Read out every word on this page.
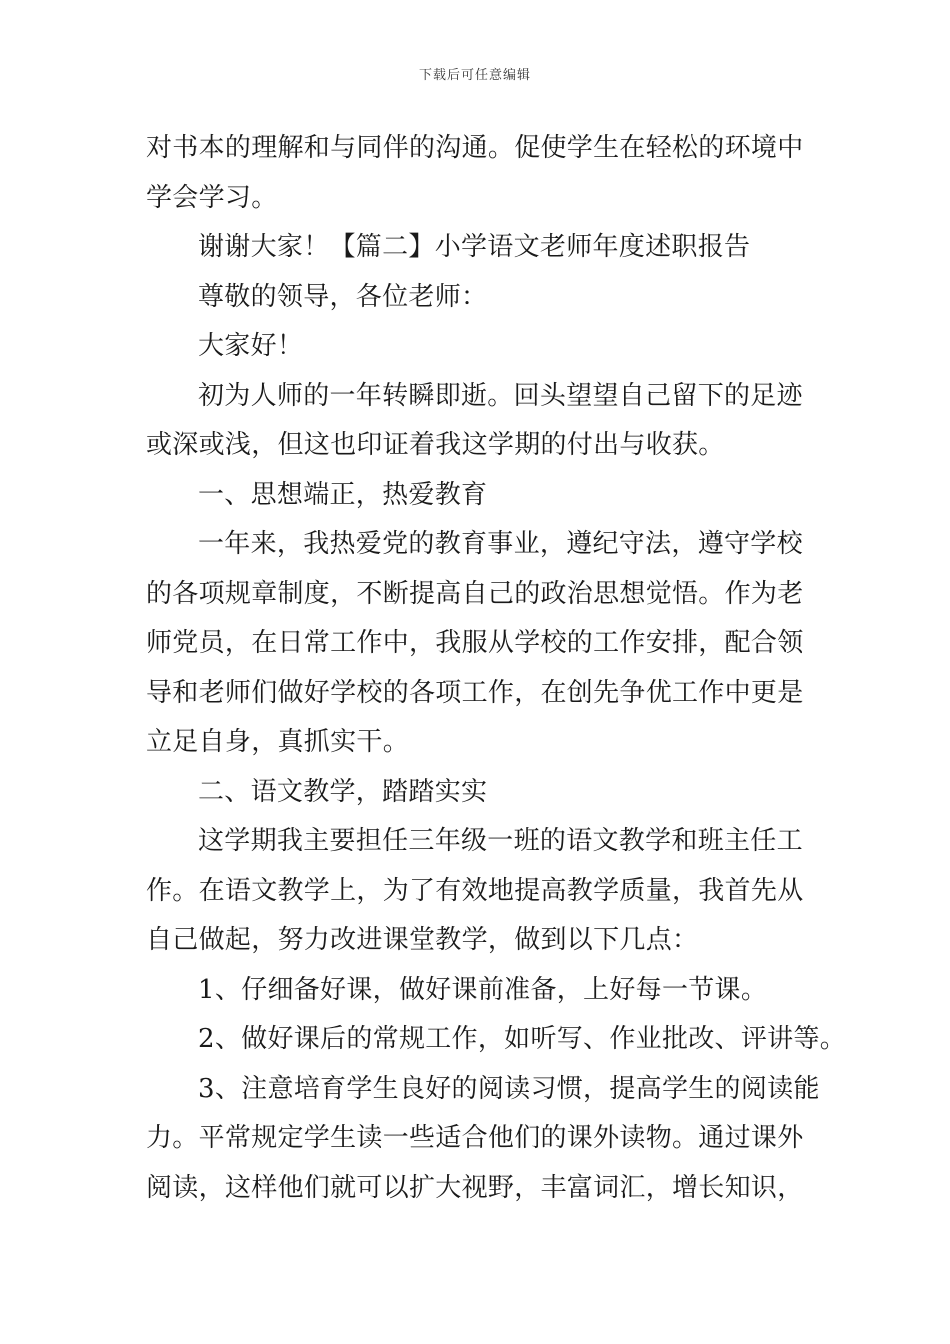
下载后可任意编辑
对书本的理解和与同伴的沟通。促使学生在轻松的环境中
学会学习。
谢谢大家！【篇二】小学语文老师年度述职报告
尊敬的领导，各位老师：
大家好！
初为人师的一年转瞬即逝。回头望望自己留下的足迹
或深或浅，但这也印证着我这学期的付出与收获。
一、思想端正，热爱教育
一年来，我热爱党的教育事业，遵纪守法，遵守学校
的各项规章制度，不断提高自己的政治思想觉悟。作为老
师党员，在日常工作中，我服从学校的工作安排，配合领
导和老师们做好学校的各项工作，在创先争优工作中更是
立足自身，真抓实干。
二、语文教学，踏踏实实
这学期我主要担任三年级一班的语文教学和班主任工
作。在语文教学上，为了有效地提高教学质量，我首先从
自己做起，努力改进课堂教学，做到以下几点：
1、仔细备好课，做好课前准备，上好每一节课。
2、做好课后的常规工作，如听写、作业批改、评讲等。
3、注意培育学生良好的阅读习惯，提高学生的阅读能
力。平常规定学生读一些适合他们的课外读物。通过课外
阅读，这样他们就可以扩大视野，丰富词汇，增长知识，
